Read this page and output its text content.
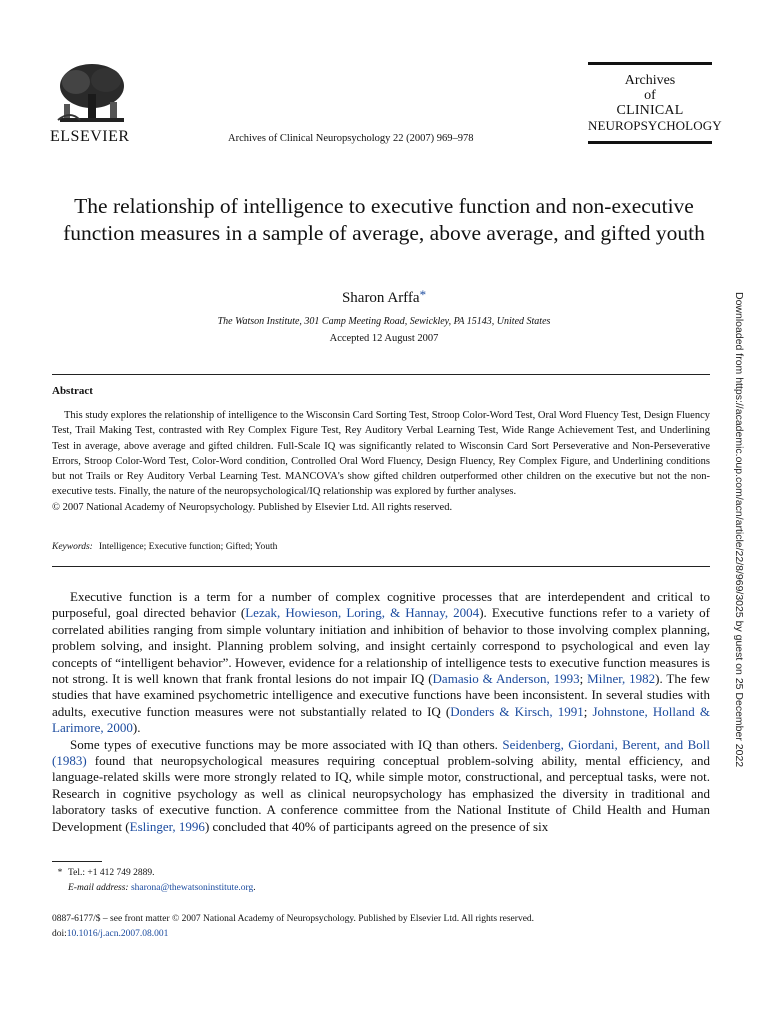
ELSEVIER	Archives of Clinical Neuropsychology 22 (2007) 969–978
Archives
of
CLINICAL
NEUROPSYCHOLOGY
The relationship of intelligence to executive function and non-executive function measures in a sample of average, above average, and gifted youth
Sharon Arffa*
The Watson Institute, 301 Camp Meeting Road, Sewickley, PA 15143, United States
Accepted 12 August 2007
Abstract

This study explores the relationship of intelligence to the Wisconsin Card Sorting Test, Stroop Color-Word Test, Oral Word Fluency Test, Design Fluency Test, Trail Making Test, contrasted with Rey Complex Figure Test, Rey Auditory Verbal Learning Test, Wide Range Achievement Test, and Underlining Test in average, above average and gifted children. Full-Scale IQ was significantly related to Wisconsin Card Sort Perseverative and Non-Perseverative Errors, Stroop Color-Word Test, Color-Word condition, Controlled Oral Word Fluency, Design Fluency, Rey Complex Figure, and Underlining conditions but not Trails or Rey Auditory Verbal Learning Test. MANCOVA's show gifted children outperformed other children on the executive but not the non-executive tests. Finally, the nature of the neuropsychological/IQ relationship was explored by further analyses.

© 2007 National Academy of Neuropsychology. Published by Elsevier Ltd. All rights reserved.

Keywords: Intelligence; Executive function; Gifted; Youth

Executive function is a term for a number of complex cognitive processes that are interdependent and critical to purposeful, goal directed behavior (Lezak, Howieson, Loring, & Hannay, 2004). Executive functions refer to a variety of correlated abilities ranging from simple voluntary initiation and inhibition of behavior to those involving complex planning, problem solving, and insight. Planning problem solving, and insight certainly correspond to psychological and even lay concepts of “intelligent behavior”. However, evidence for a relationship of intelligence tests to executive function measures is not strong. It is well known that frank frontal lesions do not impair IQ (Damasio & Anderson, 1993; Milner, 1982). The few studies that have examined psychometric intelligence and executive functions have been inconsistent. In several studies with adults, executive function measures were not substantially related to IQ (Donders & Kirsch, 1991; Johnstone, Holland & Larimore, 2000).

Some types of executive functions may be more associated with IQ than others. Seidenberg, Giordani, Berent, and Boll (1983) found that neuropsychological measures requiring conceptual problem-solving ability, mental efficiency, and language-related skills were more strongly related to IQ, while simple motor, constructional, and perceptual tasks, were not. Research in cognitive psychology as well as clinical neuropsychology has emphasized the diversity in traditional and laboratory tasks of executive function. A conference committee from the National Institute of Child Health and Human Development (Eslinger, 1996) concluded that 40% of participants agreed on the presence of six

* Tel.: +1 412 749 2889.
E-mail address: sharona@thewatsoninstitute.org.
0887-6177/$ – see front matter © 2007 National Academy of Neuropsychology. Published by Elsevier Ltd. All rights reserved.
doi:10.1016/j.acn.2007.08.001
Downloaded from https://academic.oup.com/acn/article/22/8/969/3025 by guest on 25 December 2022
